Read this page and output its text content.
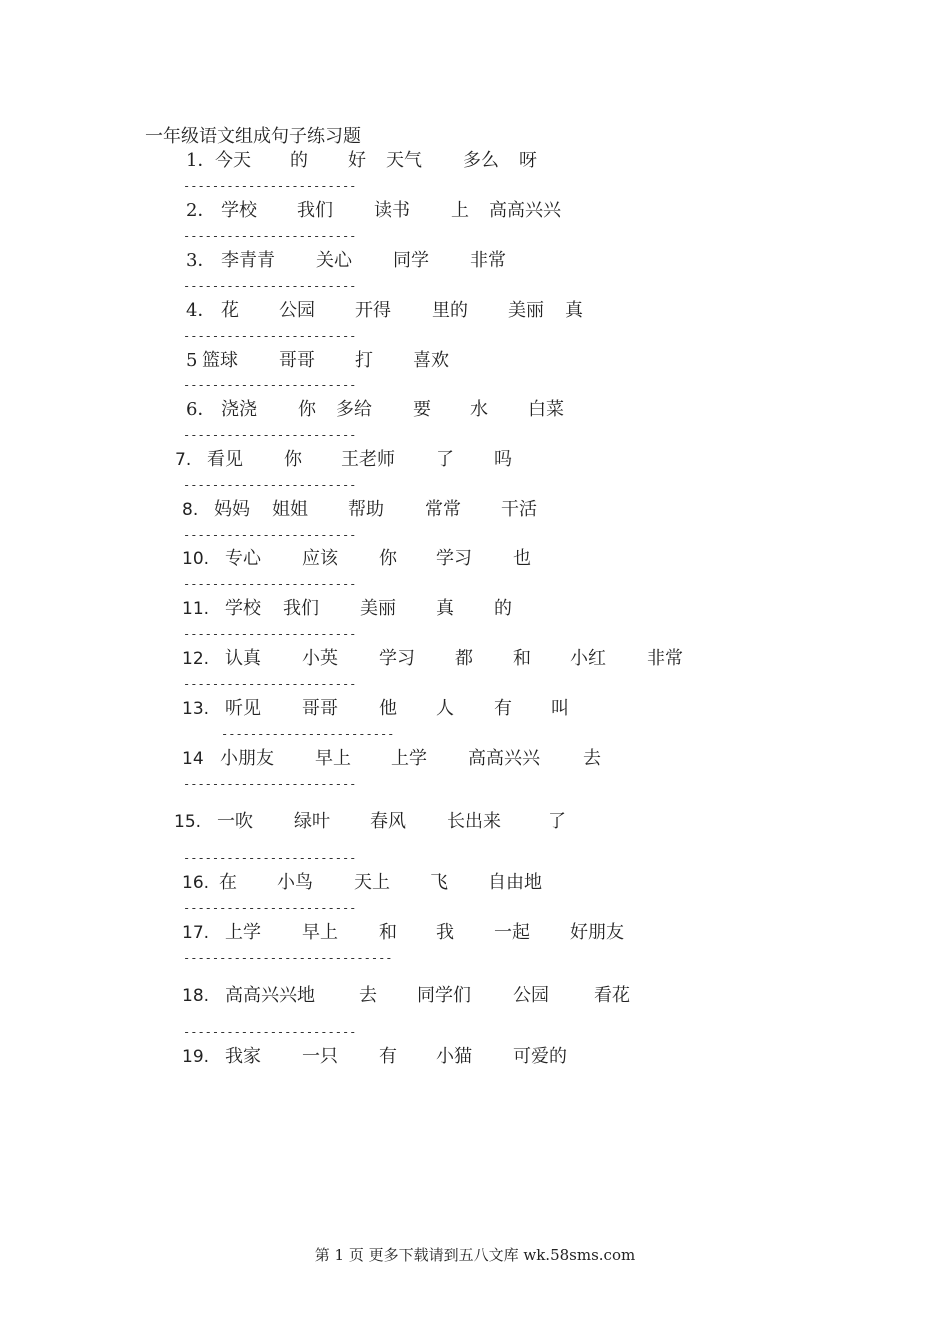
一年级语文组成句子练习题
1． 今天 的 好 天气 多么 呀
------------------------
2． 学校 我们 读书 上 高高兴兴
------------------------
3． 李青青 关心 同学 非常
------------------------
4． 花 公园 开得 里的 美丽 真
------------------------
5 篮球 哥哥 打 喜欢
------------------------
6． 浇浇 你 多给 要 水 白菜
------------------------
7. 看见 你 王老师 了 吗
------------------------
8. 妈妈 姐姐 帮助 常常 干活
------------------------
10. 专心 应该 你 学习 也
------------------------
11. 学校 我们 美丽 真 的
------------------------
12. 认真 小英 学习 都 和 小红 非常
------------------------
13. 听见 哥哥 他 人 有 叫
------------------------
14 小朋友 早上 上学 高高兴兴 去
------------------------
15. 一吹 绿叶 春风 长出来	了
------------------------
16. 在 小鸟 天上 飞 自由地
------------------------
17. 上学 早上 和 我 一起 好朋友
-----------------------------
18. 高高兴兴地 去 同学们 公园	看花
------------------------
19. 我家 一只 有 小猫 可爱的
第 1 页 更多下载请到五八文库 wk.58sms.com
